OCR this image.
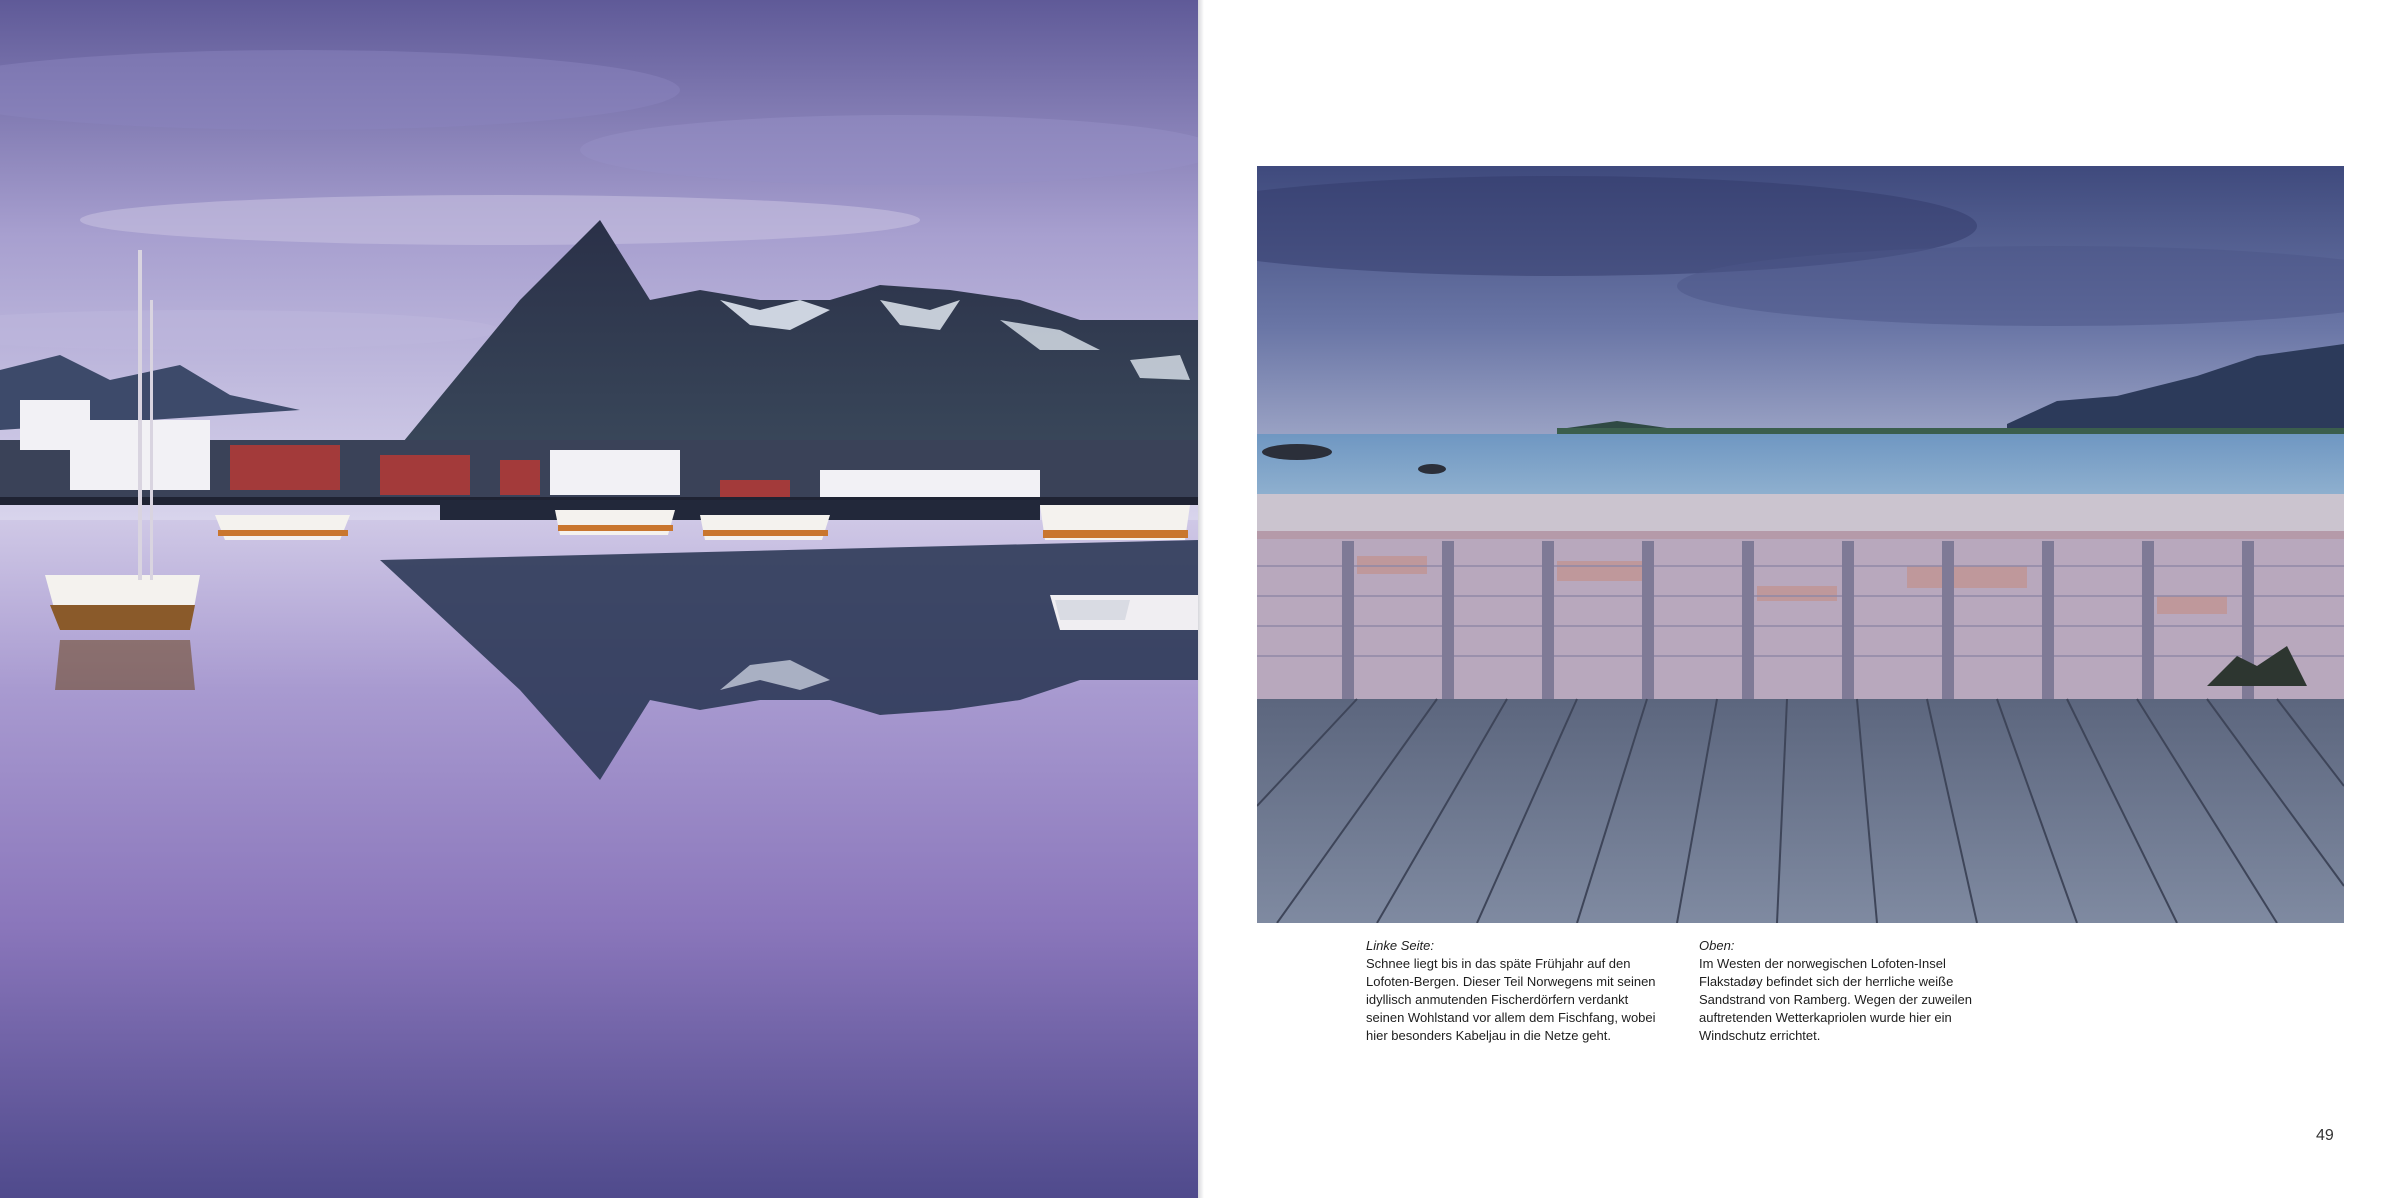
Linke Seite:
Schnee liegt bis in das späte Frühjahr auf den
Lofoten-Bergen. Dieser Teil Norwegens mit seinen
idyllisch anmutenden Fischerdörfern verdankt
seinen Wohlstand vor allem dem Fischfang, wobei
hier besonders Kabeljau in die Netze geht.
Oben:
Im Westen der norwegischen Lofoten-Insel
Flakstadøy befindet sich der herrliche weiße
Sandstrand von Ramberg. Wegen der zuweilen
auftretenden Wetterkapriolen wurde hier ein
Windschutz errichtet.
49
